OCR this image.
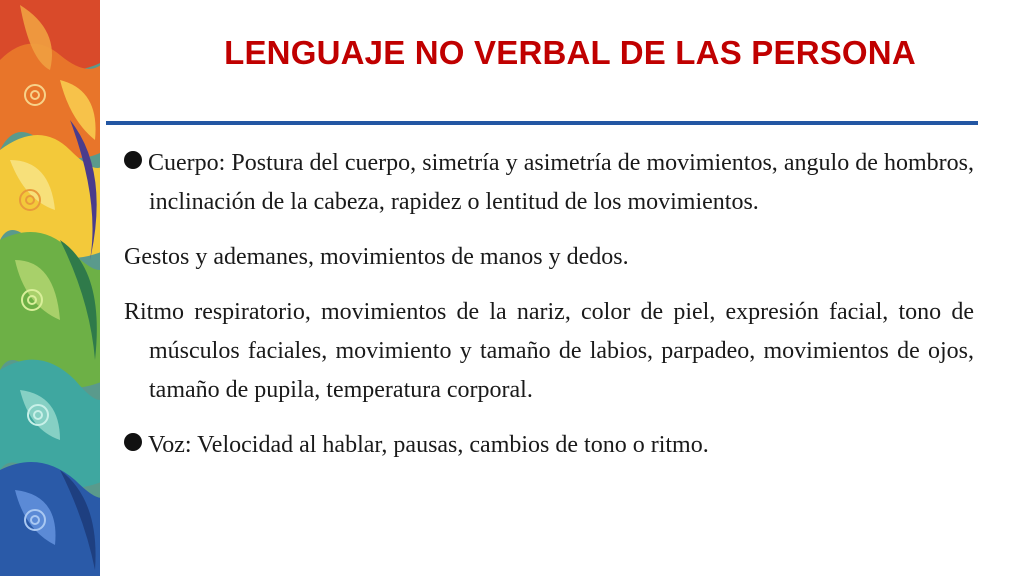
LENGUAJE NO VERBAL DE LAS PERSONA

Cuerpo: Postura del cuerpo, simetría y asimetría de movimientos, angulo de hombros, inclinación de la cabeza, rapidez o lentitud de los movimientos.

Gestos y ademanes, movimientos de manos y dedos.

Ritmo respiratorio, movimientos de la nariz, color de piel, expresión facial, tono de músculos faciales, movimiento y tamaño de labios, parpadeo, movimientos de ojos, tamaño de pupila, temperatura corporal.

Voz: Velocidad al hablar, pausas, cambios de tono o ritmo.
